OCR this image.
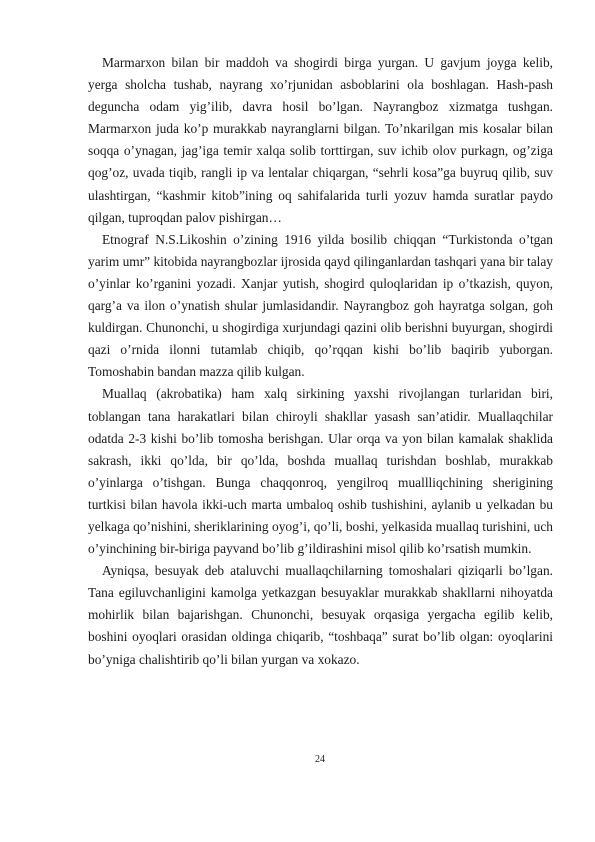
Marmarxon bilan bir maddoh va shogirdi birga yurgan. U gavjum joyga kelib, yerga sholcha tushab, nayrang xo’rjunidan asboblarini ola boshlagan. Hash-pash deguncha odam yig’ilib, davra hosil bo’lgan. Nayrangboz xizmatga tushgan. Marmarxon juda ko’p murakkab nayranglarni bilgan. To’nkarilgan mis kosalar bilan soqqa o’ynagan, jag’iga temir xalqa solib torttirgan, suv ichib olov purkagn, og’ziga qog’oz, uvada tiqib, rangli ip va lentalar chiqargan, “sehrli kosa”ga buyruq qilib, suv ulashtirgan, “kashmir kitob”ining oq sahifalarida turli yozuv hamda suratlar paydo qilgan, tuproqdan palov pishirgan…

Etnograf N.S.Likoshin o’zining 1916 yilda bosilib chiqqan “Turkistonda o’tgan yarim umr” kitobida nayrangbozlar ijrosida qayd qilinganlardan tashqari yana bir talay o’yinlar ko’rganini yozadi. Xanjar yutish, shogird quloqlaridan ip o’tkazish, quyon, qarg’a va ilon o’ynatish shular jumlasidandir. Nayrangboz goh hayratga solgan, goh kuldirgan. Chunonchi, u shogirdiga xurjundagi qazini olib berishni buyurgan, shogirdi qazi o’rnida ilonni tutamlab chiqib, qo’rqqan kishi bo’lib baqirib yuborgan. Tomoshabin bandan mazza qilib kulgan.

Muallaq (akrobatika) ham xalq sirkining yaxshi rivojlangan turlaridan biri, toblangan tana harakatlari bilan chiroyli shakllar yasash san’atidir. Muallaqchilar odatda 2-3 kishi bo’lib tomosha berishgan. Ular orqa va yon bilan kamalak shaklida sakrash, ikki qo’lda, bir qo’lda, boshda muallaq turishdan boshlab, murakkab o’yinlarga o’tishgan. Bunga chaqqonroq, yengilroq muallliqchining sherigining turtkisi bilan havola ikki-uch marta umbaloq oshib tushishini, aylanib u yelkadan bu yelkaga qo’nishini, sheriklarining oyog’i, qo’li, boshi, yelkasida muallaq turishini, uch o’yinchining bir-biriga payvand bo’lib g’ildirashini misol qilib ko’rsatish mumkin.

Ayniqsa, besuyak deb ataluvchi muallaqchilarning tomoshalari qiziqarli bo’lgan. Tana egiluvchanligini kamolga yetkazgan besuyaklar murakkab shakllarni nihoyatda mohirlik bilan bajarishgan. Chunonchi, besuyak orqasiga yergacha egilib kelib, boshini oyoqlari orasidan oldinga chiqarib, “toshbaqa” surat bo’lib olgan: oyoqlarini bo’yniga chalishtirib qo’li bilan yurgan va xokazo.

24
